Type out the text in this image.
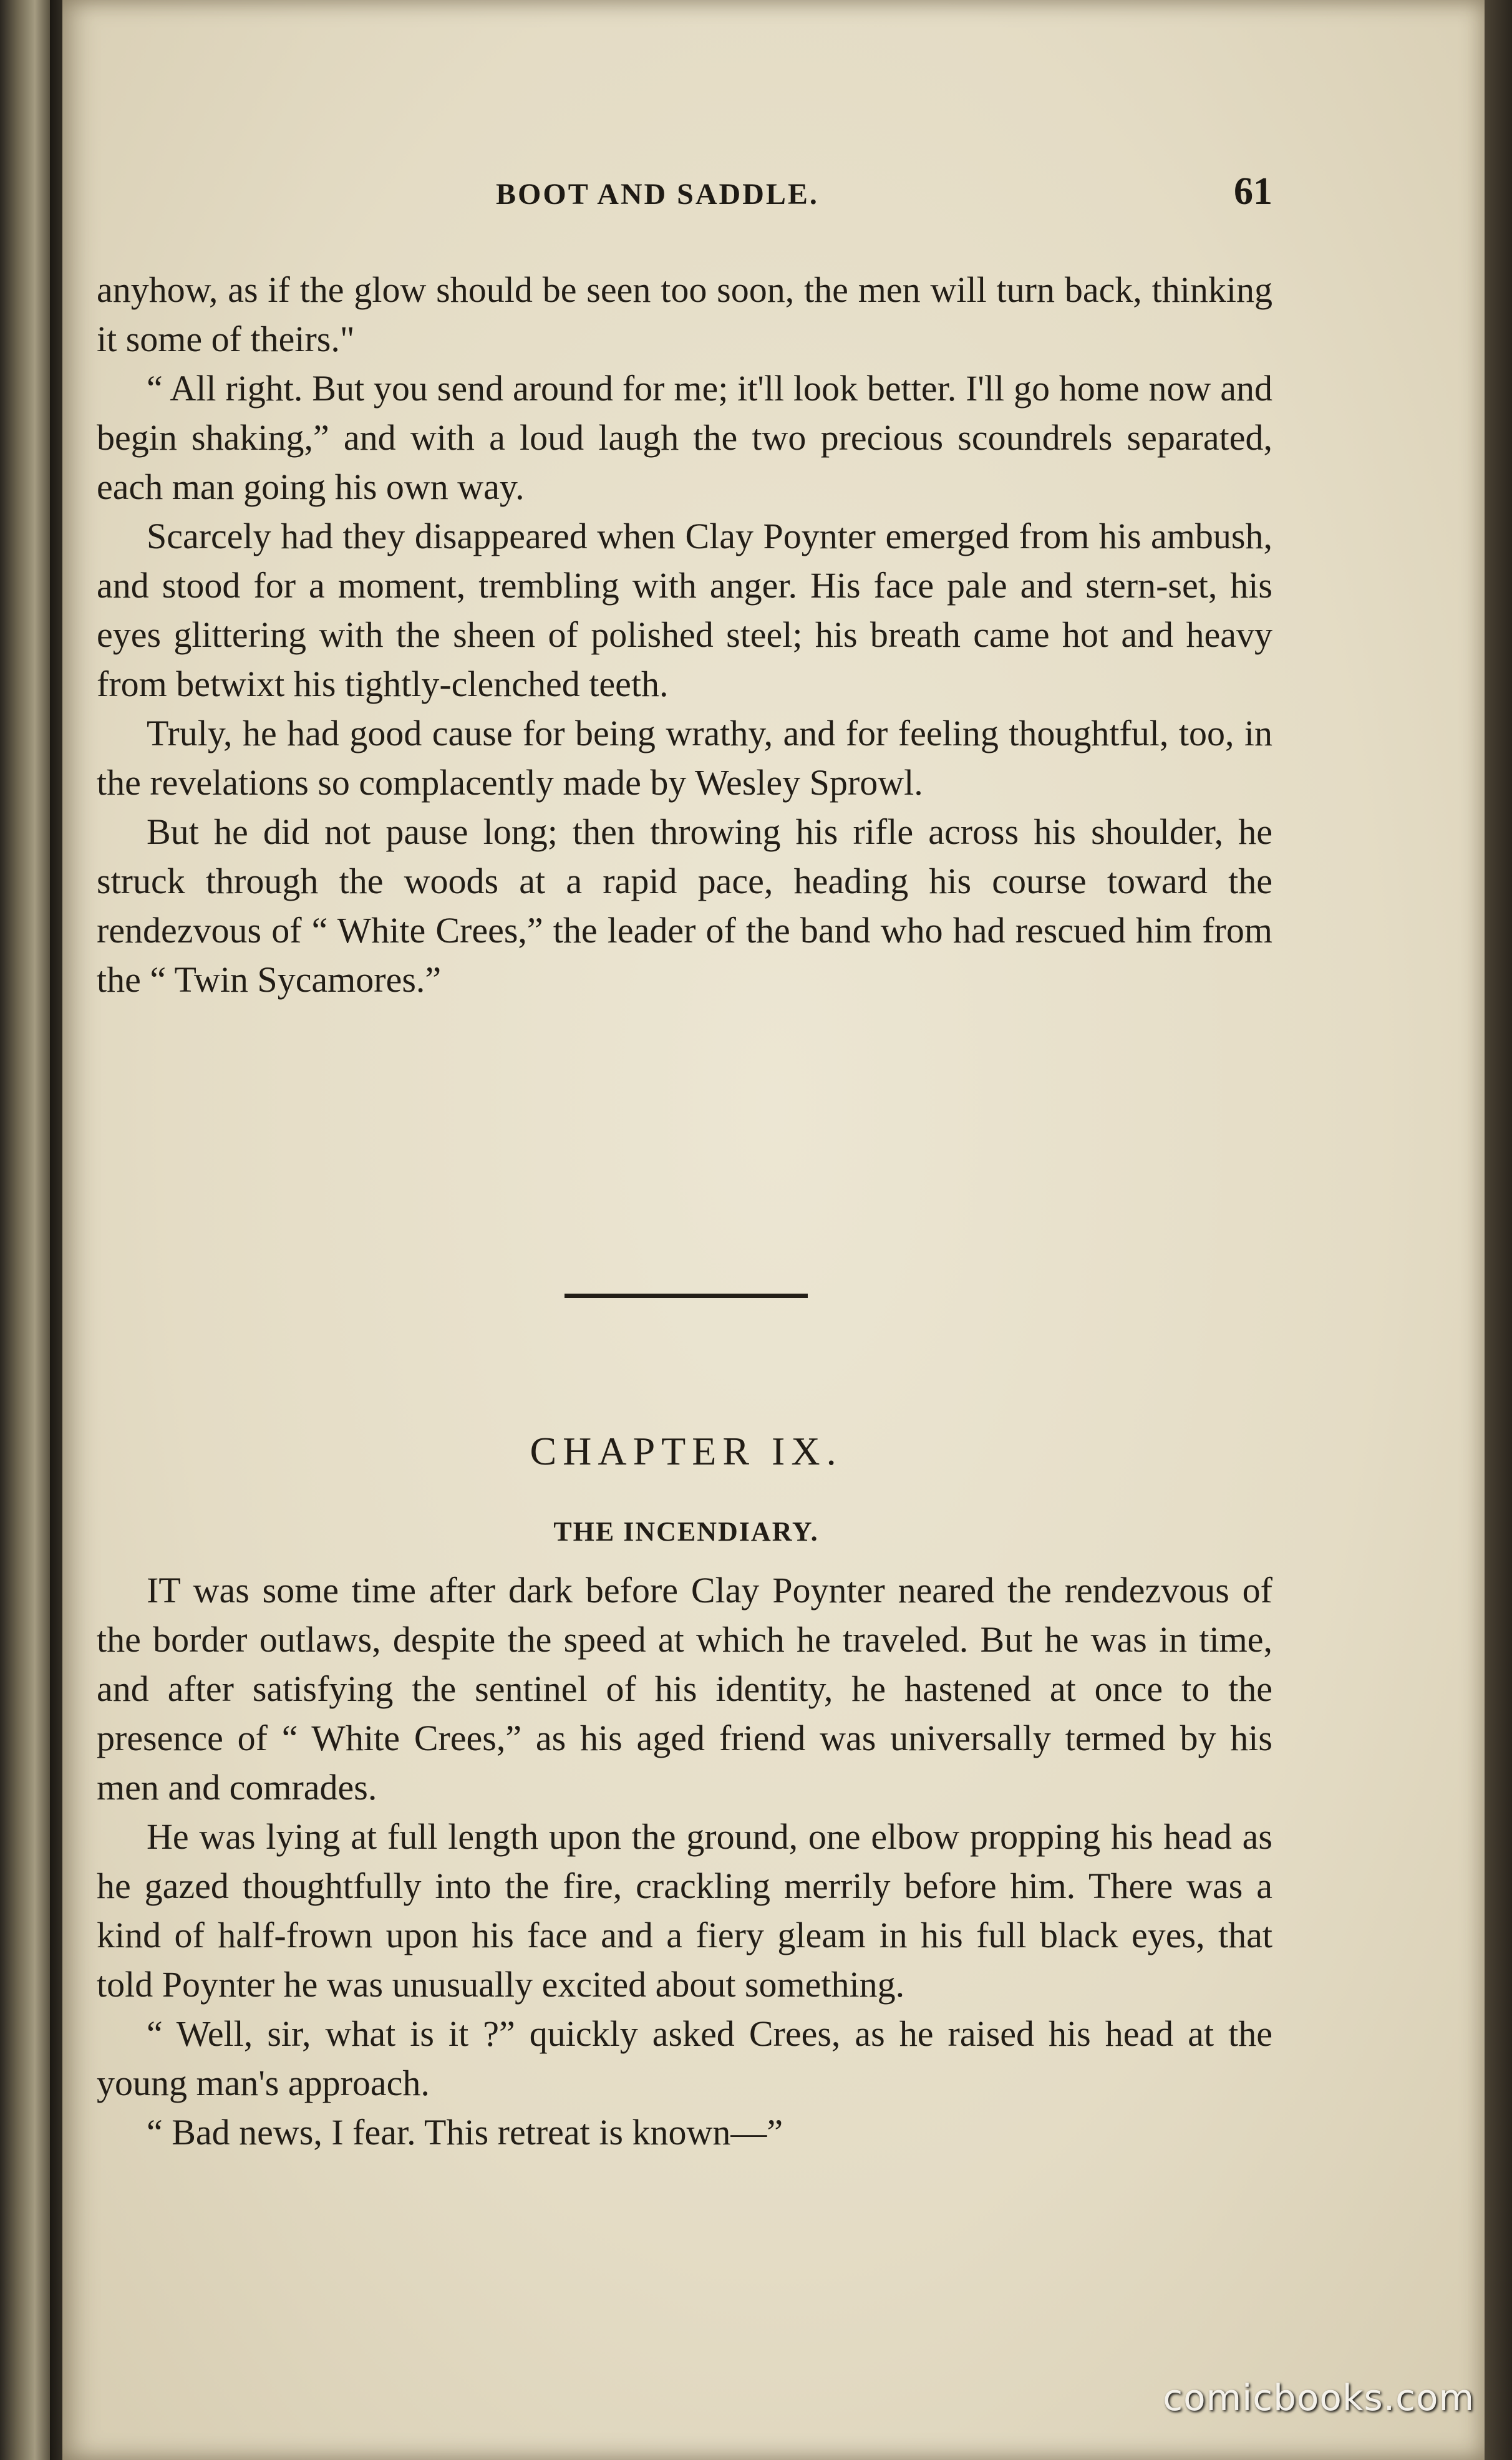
BOOT AND SADDLE.	61

anyhow, as if the glow should be seen too soon, the men will turn back, thinking it some of theirs."

“ All right. But you send around for me; it'll look better. I'll go home now and begin shaking,” and with a loud laugh the two precious scoundrels separated, each man going his own way.

Scarcely had they disappeared when Clay Poynter emerged from his ambush, and stood for a moment, trembling with anger. His face pale and stern-set, his eyes glittering with the sheen of polished steel; his breath came hot and heavy from betwixt his tightly-clenched teeth.

Truly, he had good cause for being wrathy, and for feeling thoughtful, too, in the revelations so complacently made by Wesley Sprowl.

But he did not pause long; then throwing his rifle across his shoulder, he struck through the woods at a rapid pace, heading his course toward the rendezvous of “ White Crees,” the leader of the band who had rescued him from the “ Twin Sycamores.”

CHAPTER IX.
THE INCENDIARY.

IT was some time after dark before Clay Poynter neared the rendezvous of the border outlaws, despite the speed at which he traveled. But he was in time, and after satisfying the sentinel of his identity, he hastened at once to the presence of “ White Crees,” as his aged friend was universally termed by his men and comrades.

He was lying at full length upon the ground, one elbow propping his head as he gazed thoughtfully into the fire, crackling merrily before him. There was a kind of half-frown upon his face and a fiery gleam in his full black eyes, that told Poynter he was unusually excited about something.

“ Well, sir, what is it ?” quickly asked Crees, as he raised his head at the young man's approach.

“ Bad news, I fear. This retreat is known—”

comicbooks.com
